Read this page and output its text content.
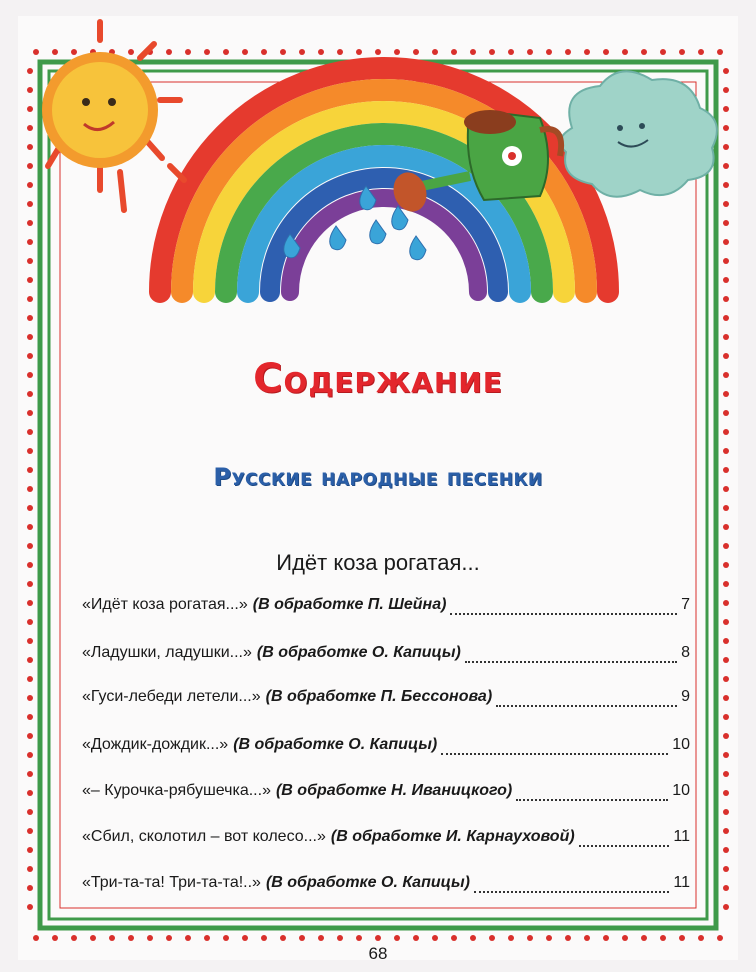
Содержание
Русские народные песенки
Идёт коза рогатая...
«Идёт коза рогатая...» (В обработке П. Шейна)	7
«Ладушки, ладушки...» (В обработке О. Капицы)	8
«Гуси-лебеди летели...» (В обработке П. Бессонова)	9
«Дождик-дождик...» (В обработке О. Капицы)	10
«– Курочка-рябушечка...» (В обработке Н. Иваницкого)	10
«Сбил, сколотил – вот колесо...» (В обработке И. Карнауховой)	11
«Три-та-та! Три-та-та!..» (В обработке О. Капицы)	11
68
